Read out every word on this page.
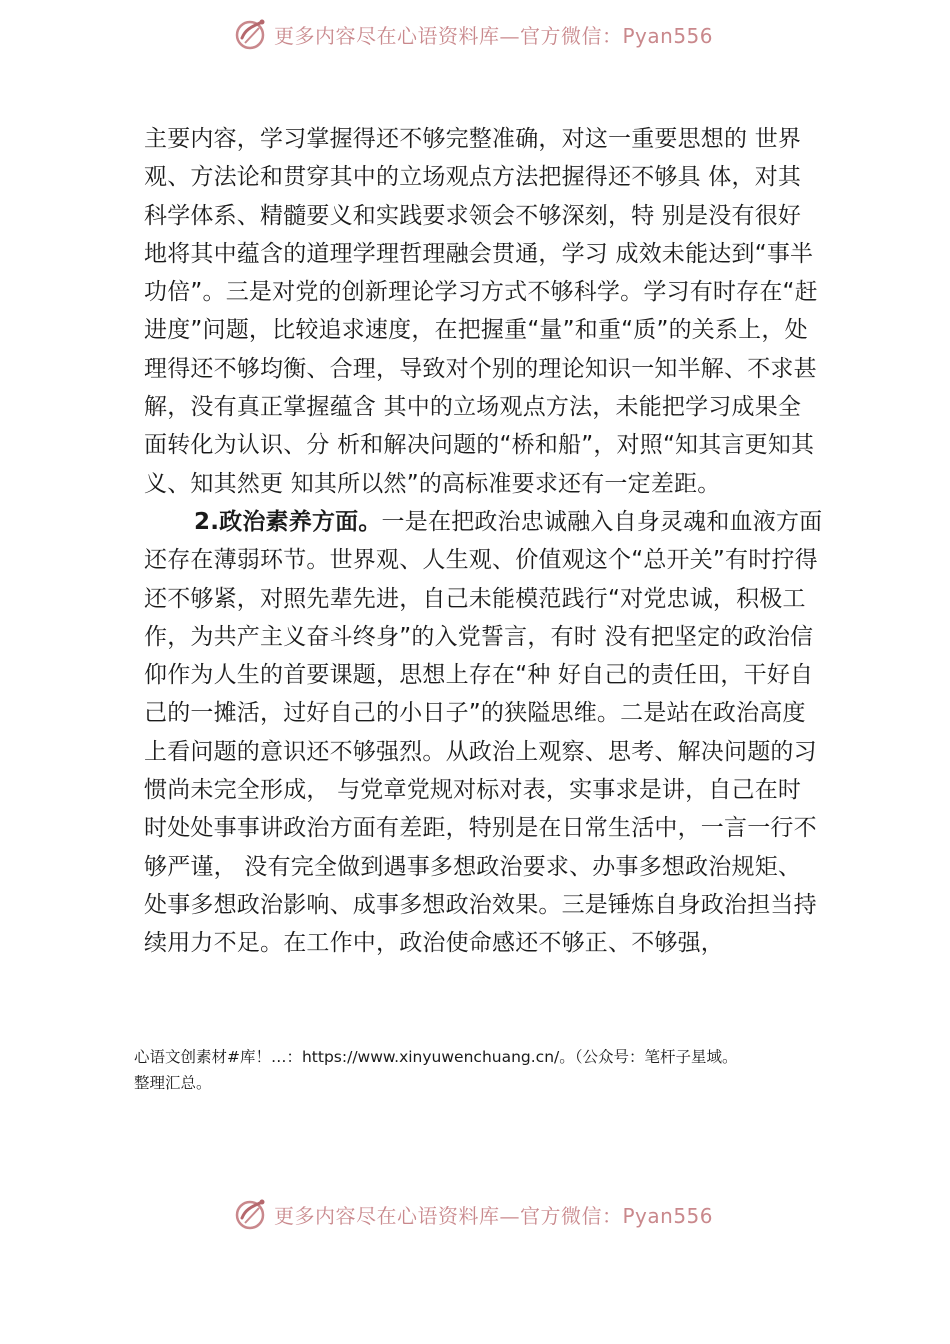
更多内容尽在心语资料库—官方微信：Pyan556

主要内容，学习掌握得还不够完整准确，对这一重要思想的 世界观、方法论和贯穿其中的立场观点方法把握得还不够具 体，对其科学体系、精髓要义和实践要求领会不够深刻，特 别是没有很好地将其中蕴含的道理学理哲理融会贯通，学习 成效未能达到“事半功倍”。三是对党的创新理论学习方式不够科学。学习有时存在“赶进度”问题，比较追求速度，在把握重“量”和重“质”的关系上，处理得还不够均衡、合理，导致对个别的理论知识一知半解、不求甚解，没有真正掌握蕴含 其中的立场观点方法，未能把学习成果全面转化为认识、分 析和解决问题的“桥和船”，对照“知其言更知其义、知其然更 知其所以然”的高标准要求还有一定差距。

2.政治素养方面。一是在把政治忠诚融入自身灵魂和血液方面还存在薄弱环节。世界观、人生观、价值观这个“总开关”有时拧得还不够紧，对照先辈先进，自己未能模范践行“对党忠诚，积极工作，为共产主义奋斗终身”的入党誓言，有时 没有把坚定的政治信仰作为人生的首要课题，思想上存在“种 好自己的责任田，干好自己的一摊活，过好自己的小日子”的狭隘思维。二是站在政治高度上看问题的意识还不够强烈。从政治上观察、思考、解决问题的习惯尚未完全形成， 与党章党规对标对表，实事求是讲，自己在时时处处事事讲政治方面有差距，特别是在日常生活中，一言一行不够严谨， 没有完全做到遇事多想政治要求、办事多想政治规矩、处事多想政治影响、成事多想政治效果。三是锤炼自身政治担当持续用力不足。在工作中，政治使命感还不够正、不够强，

心语文创素材#库！…：https://www.xinyuwenchuang.cn/。（公众号：笔杆子星域。

整理汇总。

更多内容尽在心语资料库—官方微信：Pyan556
